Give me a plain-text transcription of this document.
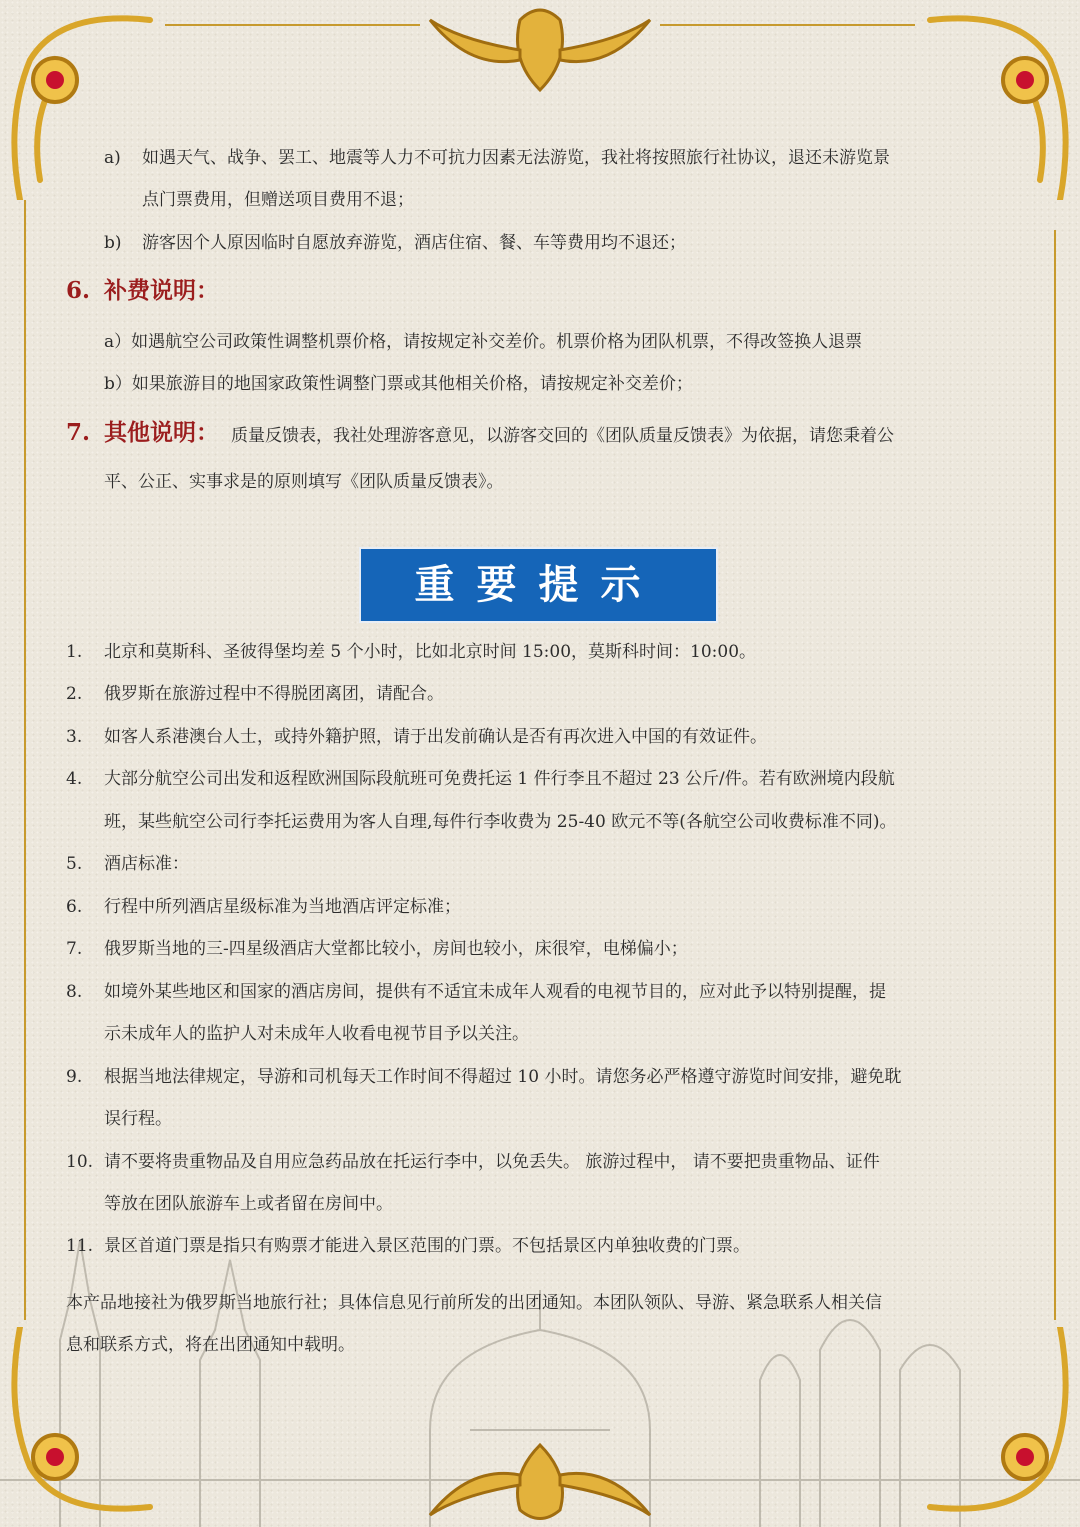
a) 如遇天气、战争、罢工、地震等人力不可抗力因素无法游览，我社将按照旅行社协议，退还未游览景
点门票费用，但赠送项目费用不退；
b) 游客因个人原因临时自愿放弃游览，酒店住宿、餐、车等费用均不退还；
6. 补费说明：
a）如遇航空公司政策性调整机票价格，请按规定补交差价。机票价格为团队机票，不得改签换人退票
b）如果旅游目的地国家政策性调整门票或其他相关价格，请按规定补交差价；
7. 其他说明： 质量反馈表，我社处理游客意见，以游客交回的《团队质量反馈表》为依据，请您秉着公
平、公正、实事求是的原则填写《团队质量反馈表》。
重要提示
1. 北京和莫斯科、圣彼得堡均差 5 个小时，比如北京时间 15:00，莫斯科时间：10:00。
2. 俄罗斯在旅游过程中不得脱团离团，请配合。
3. 如客人系港澳台人士，或持外籍护照，请于出发前确认是否有再次进入中国的有效证件。
4. 大部分航空公司出发和返程欧洲国际段航班可免费托运 1 件行李且不超过 23 公斤/件。若有欧洲境内段航
班，某些航空公司行李托运费用为客人自理,每件行李收费为 25-40 欧元不等(各航空公司收费标准不同)。
5. 酒店标准：
6. 行程中所列酒店星级标准为当地酒店评定标准；
7. 俄罗斯当地的三-四星级酒店大堂都比较小，房间也较小，床很窄，电梯偏小；
8. 如境外某些地区和国家的酒店房间，提供有不适宜未成年人观看的电视节目的，应对此予以特别提醒，提
示未成年人的监护人对未成年人收看电视节目予以关注。
9. 根据当地法律规定，导游和司机每天工作时间不得超过 10 小时。请您务必严格遵守游览时间安排，避免耽
误行程。
10. 请不要将贵重物品及自用应急药品放在托运行李中，以免丢失。 旅游过程中， 请不要把贵重物品、证件
等放在团队旅游车上或者留在房间中。
11. 景区首道门票是指只有购票才能进入景区范围的门票。不包括景区内单独收费的门票。
本产品地接社为俄罗斯当地旅行社；具体信息见行前所发的出团通知。本团队领队、导游、紧急联系人相关信
息和联系方式，将在出团通知中载明。
